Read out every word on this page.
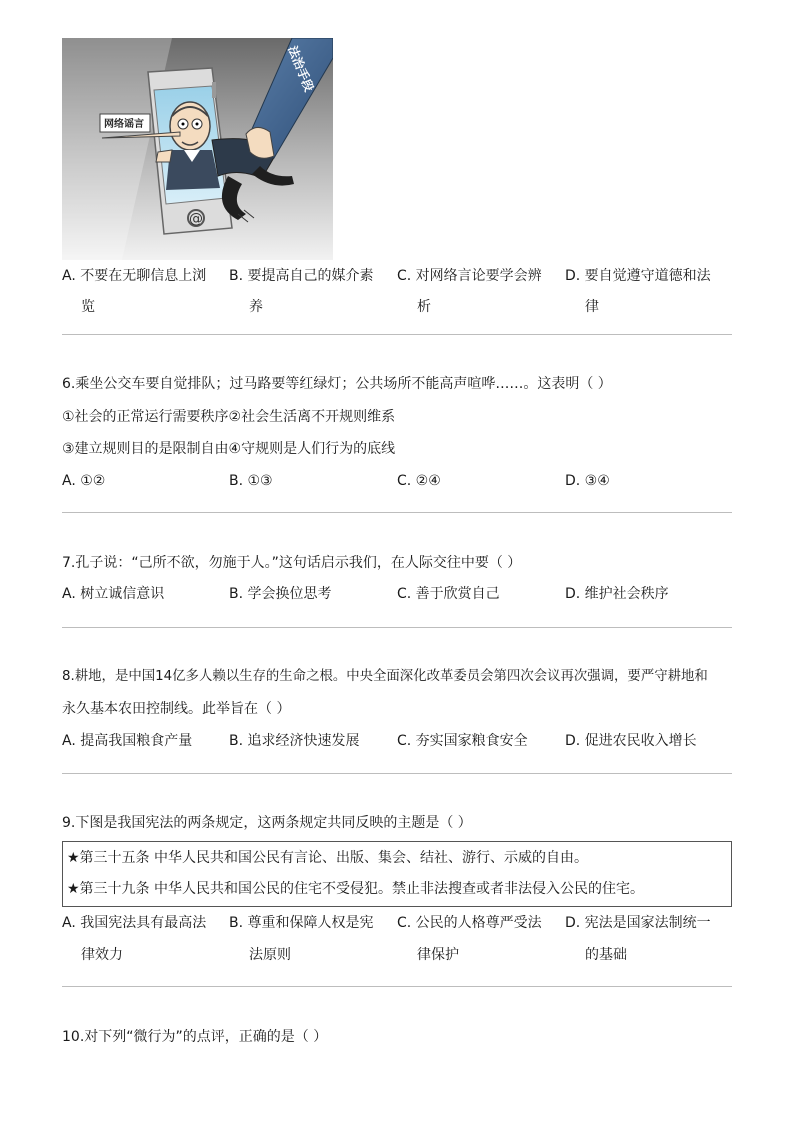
@
法治手段
网络谣言
A. 不要在无聊信息上浏
览
B. 要提高自己的媒介素
养
C. 对网络言论要学会辨
析
D. 要自觉遵守道德和法
律
6.乘坐公交车要自觉排队；过马路要等红绿灯；公共场所不能高声喧哗……。这表明（ ）
①社会的正常运行需要秩序②社会生活离不开规则维系
③建立规则目的是限制自由④守规则是人们行为的底线
A. ①②	B. ①③	C. ②④	D. ③④
7.孔子说：“己所不欲，勿施于人。”这句话启示我们，在人际交往中要（ ）
A. 树立诚信意识	B. 学会换位思考	C. 善于欣赏自己	D. 维护社会秩序
8.耕地，是中国14亿多人赖以生存的生命之根。中央全面深化改革委员会第四次会议再次强调，要严守耕地和
永久基本农田控制线。此举旨在（ ）
A. 提高我国粮食产量	B. 追求经济快速发展	C. 夯实国家粮食安全	D. 促进农民收入增长
9.下图是我国宪法的两条规定，这两条规定共同反映的主题是（ ）
★第三十五条 中华人民共和国公民有言论、出版、集会、结社、游行、示威的自由。
★第三十九条 中华人民共和国公民的住宅不受侵犯。禁止非法搜查或者非法侵入公民的住宅。
A. 我国宪法具有最高法
律效力
B. 尊重和保障人权是宪
法原则
C. 公民的人格尊严受法
律保护
D. 宪法是国家法制统一
的基础
10.对下列“微行为”的点评，正确的是（ ）
